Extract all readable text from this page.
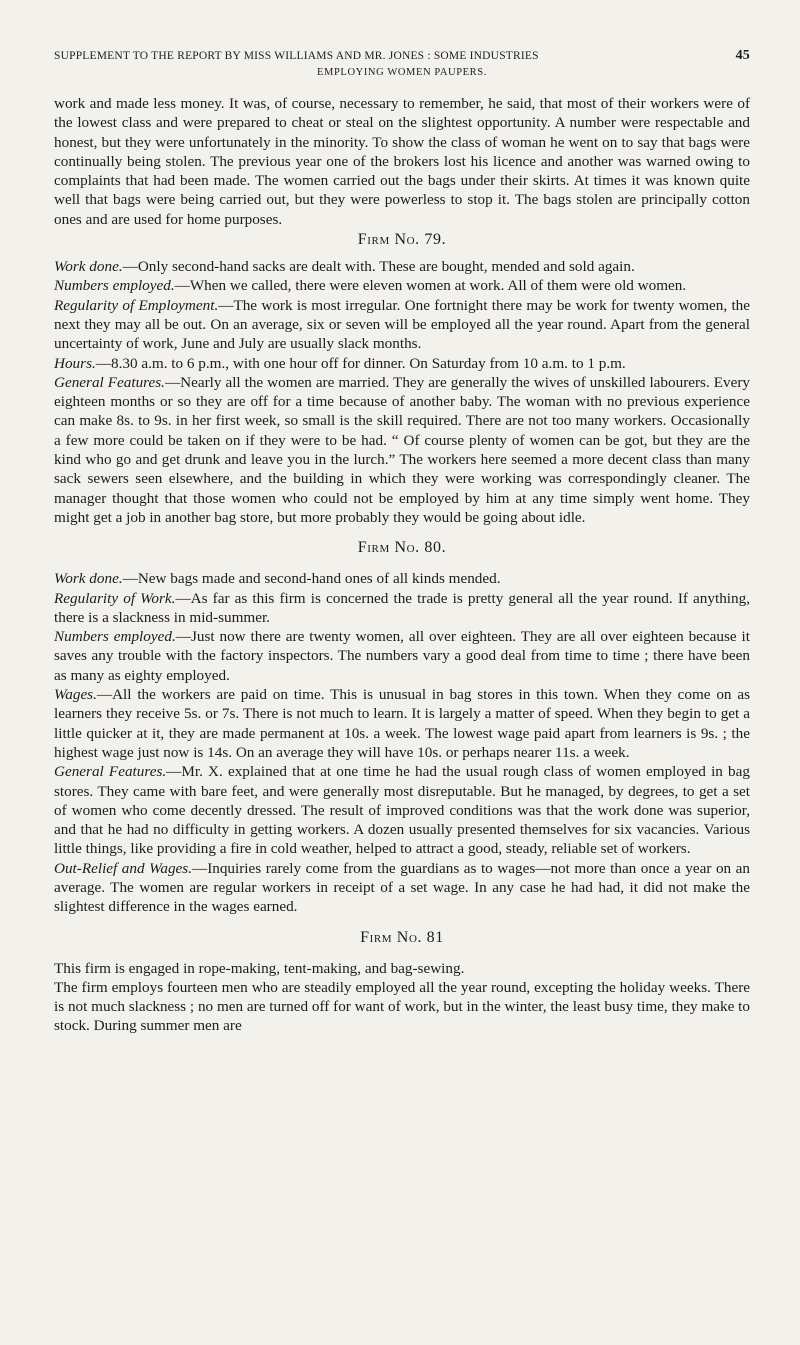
SUPPLEMENT TO THE REPORT BY MISS WILLIAMS AND MR. JONES : SOME INDUSTRIES	45
EMPLOYING WOMEN PAUPERS.

work and made less money. It was, of course, necessary to remember, he said, that most of their workers were of the lowest class and were prepared to cheat or steal on the slightest opportunity. A number were respectable and honest, but they were unfortunately in the minority. To show the class of woman he went on to say that bags were continually being stolen. The previous year one of the brokers lost his licence and another was warned owing to complaints that had been made. The women carried out the bags under their skirts. At times it was known quite well that bags were being carried out, but they were powerless to stop it. The bags stolen are principally cotton ones and are used for home purposes.

Firm No. 79.

Work done.—Only second-hand sacks are dealt with. These are bought, mended and sold again.

Numbers employed.—When we called, there were eleven women at work. All of them were old women.

Regularity of Employment.—The work is most irregular. One fortnight there may be work for twenty women, the next they may all be out. On an average, six or seven will be employed all the year round. Apart from the general uncertainty of work, June and July are usually slack months.

Hours.—8.30 a.m. to 6 p.m., with one hour off for dinner. On Saturday from 10 a.m. to 1 p.m.

General Features.—Nearly all the women are married. They are generally the wives of unskilled labourers. Every eighteen months or so they are off for a time because of another baby. The woman with no previous experience can make 8s. to 9s. in her first week, so small is the skill required. There are not too many workers. Occasionally a few more could be taken on if they were to be had. “ Of course plenty of women can be got, but they are the kind who go and get drunk and leave you in the lurch.” The workers here seemed a more decent class than many sack sewers seen elsewhere, and the building in which they were working was correspondingly cleaner. The manager thought that those women who could not be employed by him at any time simply went home. They might get a job in another bag store, but more probably they would be going about idle.

Firm No. 80.

Work done.—New bags made and second-hand ones of all kinds mended.

Regularity of Work.—As far as this firm is concerned the trade is pretty general all the year round. If anything, there is a slackness in mid-summer.

Numbers employed.—Just now there are twenty women, all over eighteen. They are all over eighteen because it saves any trouble with the factory inspectors. The numbers vary a good deal from time to time ; there have been as many as eighty employed.

Wages.—All the workers are paid on time. This is unusual in bag stores in this town. When they come on as learners they receive 5s. or 7s. There is not much to learn. It is largely a matter of speed. When they begin to get a little quicker at it, they are made permanent at 10s. a week. The lowest wage paid apart from learners is 9s. ; the highest wage just now is 14s. On an average they will have 10s. or perhaps nearer 11s. a week.

General Features.—Mr. X. explained that at one time he had the usual rough class of women employed in bag stores. They came with bare feet, and were generally most disreputable. But he managed, by degrees, to get a set of women who come decently dressed. The result of improved conditions was that the work done was superior, and that he had no difficulty in getting workers. A dozen usually presented themselves for six vacancies. Various little things, like providing a fire in cold weather, helped to attract a good, steady, reliable set of workers.

Out-Relief and Wages.—Inquiries rarely come from the guardians as to wages—not more than once a year on an average. The women are regular workers in receipt of a set wage. In any case he had had, it did not make the slightest difference in the wages earned.

Firm No. 81

This firm is engaged in rope-making, tent-making, and bag-sewing.

The firm employs fourteen men who are steadily employed all the year round, excepting the holiday weeks. There is not much slackness ; no men are turned off for want of work, but in the winter, the least busy time, they make to stock. During summer men are
